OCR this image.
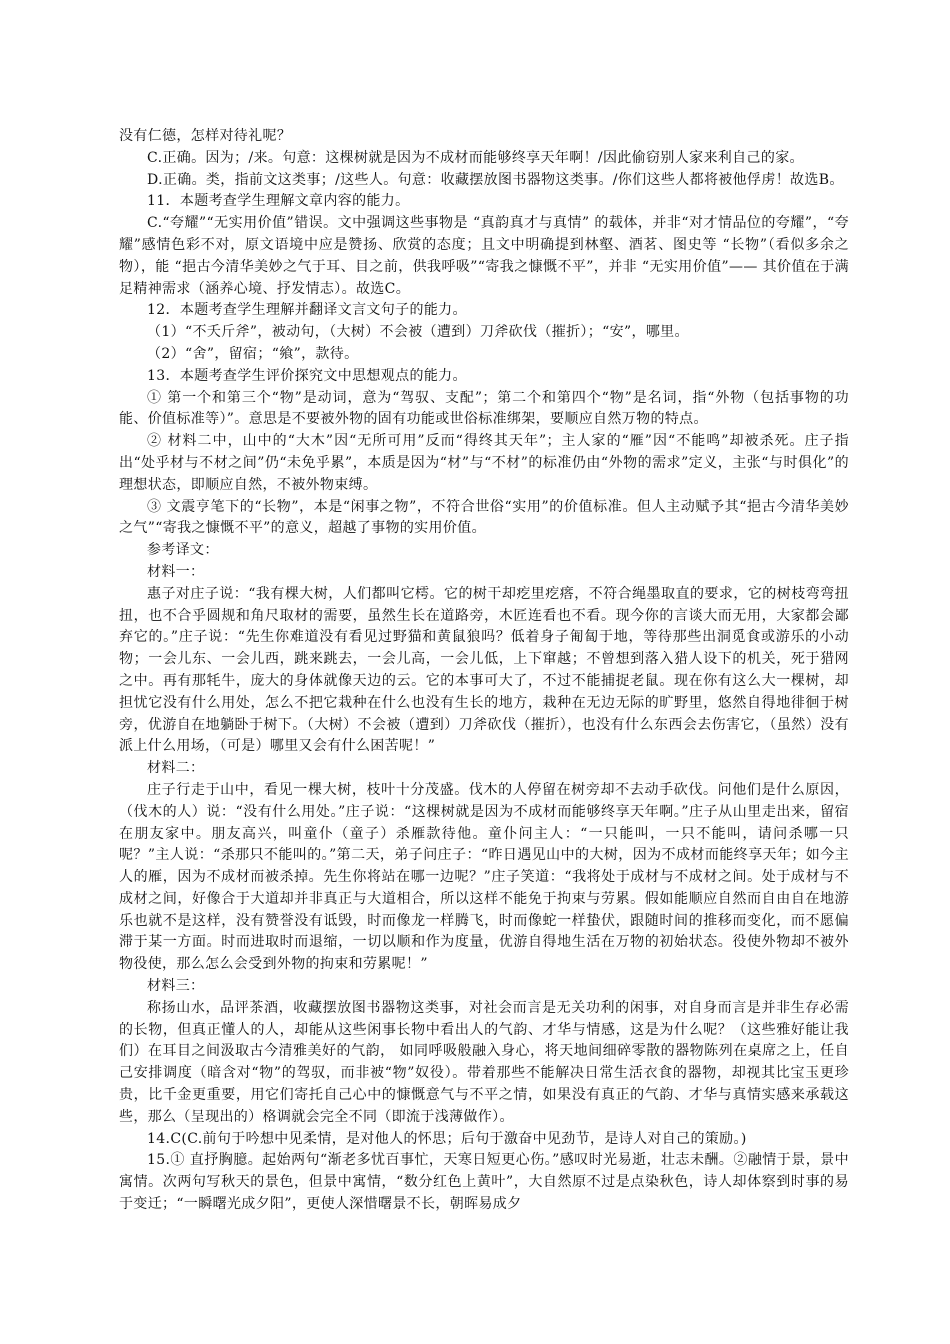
没有仁德，怎样对待礼呢？

C.正确。因为；/来。句意：这棵树就是因为不成材而能够终享天年啊！/因此偷窃别人家来利自己的家。

D.正确。类，指前文这类事；/这些人。句意：收藏摆放图书器物这类事。/你们这些人都将被他俘虏！故选B。

11．本题考查学生理解文章内容的能力。

C.“夸耀”“无实用价值”错误。文中强调这些事物是 “真韵真才与真情” 的载体，并非“对才情品位的夸耀”，“夸耀”感情色彩不对，原文语境中应是赞扬、欣赏的态度；且文中明确提到林壑、酒茗、图史等 “长物”（看似多余之物），能 “挹古今清华美妙之气于耳、目之前，供我呼吸”“寄我之慷慨不平”，并非 “无实用价值”—— 其价值在于满足精神需求（涵养心境、抒发情志）。故选C。

12．本题考查学生理解并翻译文言文句子的能力。

（1）“不夭斤斧”，被动句，（大树）不会被（遭到）刀斧砍伐（摧折）；“安”，哪里。

（2）“舍”，留宿；“飨”，款待。

13．本题考查学生评价探究文中思想观点的能力。

① 第一个和第三个“物”是动词，意为“驾驭、支配”；第二个和第四个“物”是名词，指“外物（包括事物的功能、价值标准等）”。意思是不要被外物的固有功能或世俗标准绑架，要顺应自然万物的特点。

② 材料二中，山中的“大木”因“无所可用”反而“得终其天年”；主人家的“雁”因“不能鸣”却被杀死。庄子指出“处乎材与不材之间”仍“未免乎累”，本质是因为“材”与“不材”的标准仍由“外物的需求”定义，主张“与时俱化”的理想状态，即顺应自然，不被外物束缚。

③ 文震亨笔下的“长物”，本是“闲事之物”，不符合世俗“实用”的价值标准。但人主动赋予其“挹古今清华美妙之气”“寄我之慷慨不平”的意义，超越了事物的实用价值。

参考译文：

材料一：

惠子对庄子说：“我有棵大树，人们都叫它樗。它的树干却疙里疙瘩，不符合绳墨取直的要求，它的树枝弯弯扭扭，也不合乎圆规和角尺取材的需要，虽然生长在道路旁，木匠连看也不看。现今你的言谈大而无用，大家都会鄙弃它的。”庄子说：“先生你难道没有看见过野猫和黄鼠狼吗？低着身子匍匐于地，等待那些出洞觅食或游乐的小动物；一会儿东、一会儿西，跳来跳去，一会儿高，一会儿低，上下窜越；不曾想到落入猎人设下的机关，死于猎网之中。再有那牦牛，庞大的身体就像天边的云。它的本事可大了，不过不能捕捉老鼠。现在你有这么大一棵树，却担忧它没有什么用处，怎么不把它栽种在什么也没有生长的地方，栽种在无边无际的旷野里，悠然自得地徘徊于树旁，优游自在地躺卧于树下。（大树）不会被（遭到）刀斧砍伐（摧折），也没有什么东西会去伤害它，（虽然）没有派上什么用场，（可是）哪里又会有什么困苦呢！”

材料二：

庄子行走于山中，看见一棵大树，枝叶十分茂盛。伐木的人停留在树旁却不去动手砍伐。问他们是什么原因，（伐木的人）说：“没有什么用处。”庄子说：“这棵树就是因为不成材而能够终享天年啊。”庄子从山里走出来，留宿在朋友家中。朋友高兴，叫童仆（童子）杀雁款待他。童仆问主人：“一只能叫，一只不能叫，请问杀哪一只呢？”主人说：“杀那只不能叫的。”第二天，弟子问庄子：“昨日遇见山中的大树，因为不成材而能终享天年；如今主人的雁，因为不成材而被杀掉。先生你将站在哪一边呢？”庄子笑道：“我将处于成材与不成材之间。处于成材与不成材之间，好像合于大道却并非真正与大道相合，所以这样不能免于拘束与劳累。假如能顺应自然而自由自在地游乐也就不是这样，没有赞誉没有诋毁，时而像龙一样腾飞，时而像蛇一样蛰伏，跟随时间的推移而变化，而不愿偏滞于某一方面。时而进取时而退缩，一切以顺和作为度量，优游自得地生活在万物的初始状态。役使外物却不被外物役使，那么怎么会受到外物的拘束和劳累呢！”

材料三：

称扬山水，品评茶酒，收藏摆放图书器物这类事，对社会而言是无关功利的闲事，对自身而言是并非生存必需的长物，但真正懂人的人，却能从这些闲事长物中看出人的气韵、才华与情感，这是为什么呢？（这些雅好能让我们）在耳目之间汲取古今清雅美好的气韵， 如同呼吸般融入身心，将天地间细碎零散的器物陈列在桌席之上，任自己安排调度（暗含对“物”的驾驭，而非被“物”奴役）。带着那些不能解决日常生活衣食的器物，却视其比宝玉更珍贵，比千金更重要，用它们寄托自己心中的慷慨意气与不平之情，如果没有真正的气韵、才华与真情实感来承载这些，那么（呈现出的）格调就会完全不同（即流于浅薄做作）。

14.C(C.前句于吟想中见柔情，是对他人的怀思；后句于激奋中见劲节，是诗人对自己的策励。)

15.① 直抒胸臆。起始两句“渐老多忧百事忙，天寒日短更心伤。”感叹时光易逝，壮志未酬。②融情于景，景中寓情。次两句写秋天的景色，但景中寓情，“数分红色上黄叶”，大自然原不过是点染秋色，诗人却体察到时事的易于变迁；“一瞬曙光成夕阳”，更使人深惜曙景不长，朝晖易成夕
